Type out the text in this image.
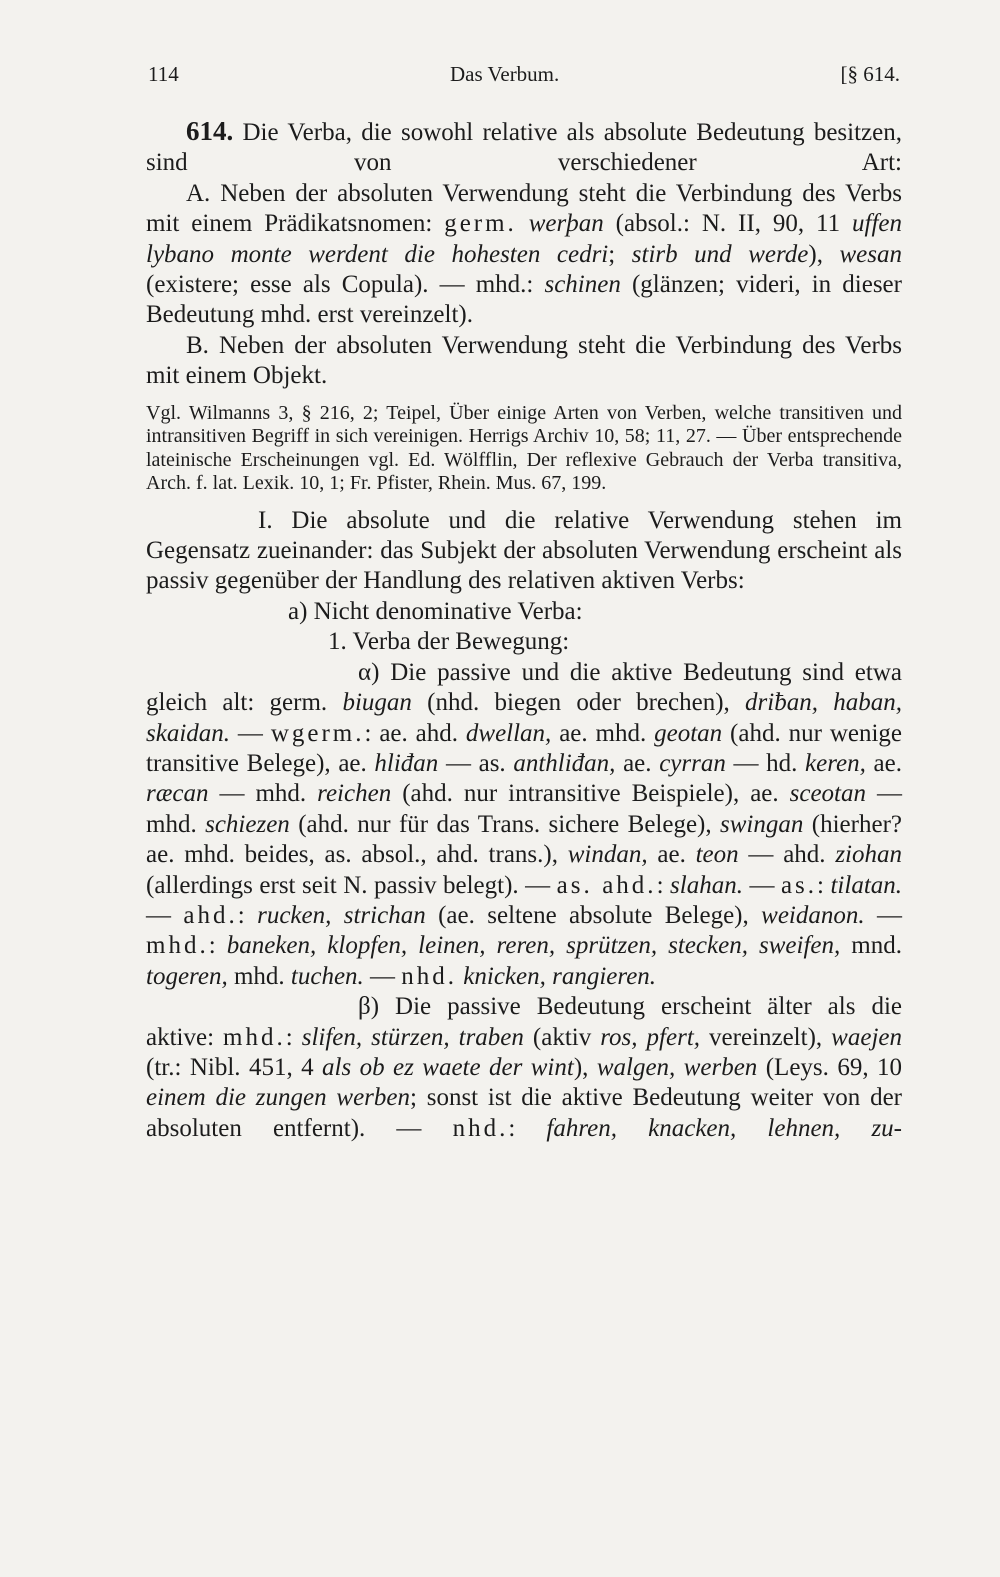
114	Das Verbum.	[§ 614.

614. Die Verba, die sowohl relative als absolute Bedeutung besitzen, sind von verschiedener Art:

A. Neben der absoluten Verwendung steht die Verbindung des Verbs mit einem Prädikatsnomen: germ. werþan (absol.: N. II, 90, 11 uffen lybano monte werdent die hohesten cedri; stirb und werde), wesan (existere; esse als Copula). — mhd.: schinen (glänzen; videri, in dieser Bedeutung mhd. erst vereinzelt).

B. Neben der absoluten Verwendung steht die Verbindung des Verbs mit einem Objekt.

Vgl. Wilmanns 3, § 216, 2; Teipel, Über einige Arten von Verben, welche transitiven und intransitiven Begriff in sich vereinigen. Herrigs Archiv 10, 58; 11, 27. — Über entsprechende lateinische Erscheinungen vgl. Ed. Wölfflin, Der reflexive Gebrauch der Verba transitiva, Arch. f. lat. Lexik. 10, 1; Fr. Pfister, Rhein. Mus. 67, 199.

I. Die absolute und die relative Verwendung stehen im Gegensatz zueinander: das Subjekt der absoluten Verwendung erscheint als passiv gegenüber der Handlung des relativen aktiven Verbs:

a) Nicht denominative Verba:

1. Verba der Bewegung:

α) Die passive und die aktive Bedeutung sind etwa gleich alt: germ. biugan (nhd. biegen oder brechen), driƀan, haban, skaidan. — wgerm.: ae. ahd. dwellan, ae. mhd. geotan (ahd. nur wenige transitive Belege), ae. hliđan — as. anthliđan, ae. cyrran — hd. keren, ae. ræcan — mhd. reichen (ahd. nur intransitive Beispiele), ae. sceotan — mhd. schiezen (ahd. nur für das Trans. sichere Belege), swingan (hierher? ae. mhd. beides, as. absol., ahd. trans.), windan, ae. teon — ahd. ziohan (allerdings erst seit N. passiv belegt). — as. ahd.: slahan. — as.: tilatan. — ahd.: rucken, strichan (ae. seltene absolute Belege), weidanon. — mhd.: baneken, klopfen, leinen, reren, sprützen, stecken, sweifen, mnd. togeren, mhd. tuchen. — nhd. knicken, rangieren.

β) Die passive Bedeutung erscheint älter als die aktive: mhd.: slifen, stürzen, traben (aktiv ros, pfert, vereinzelt), waejen (tr.: Nibl. 451, 4 als ob ez waete der wint), walgen, werben (Leys. 69, 10 einem die zungen werben; sonst ist die aktive Bedeutung weiter von der absoluten entfernt). — nhd.: fahren, knacken, lehnen, zu-
